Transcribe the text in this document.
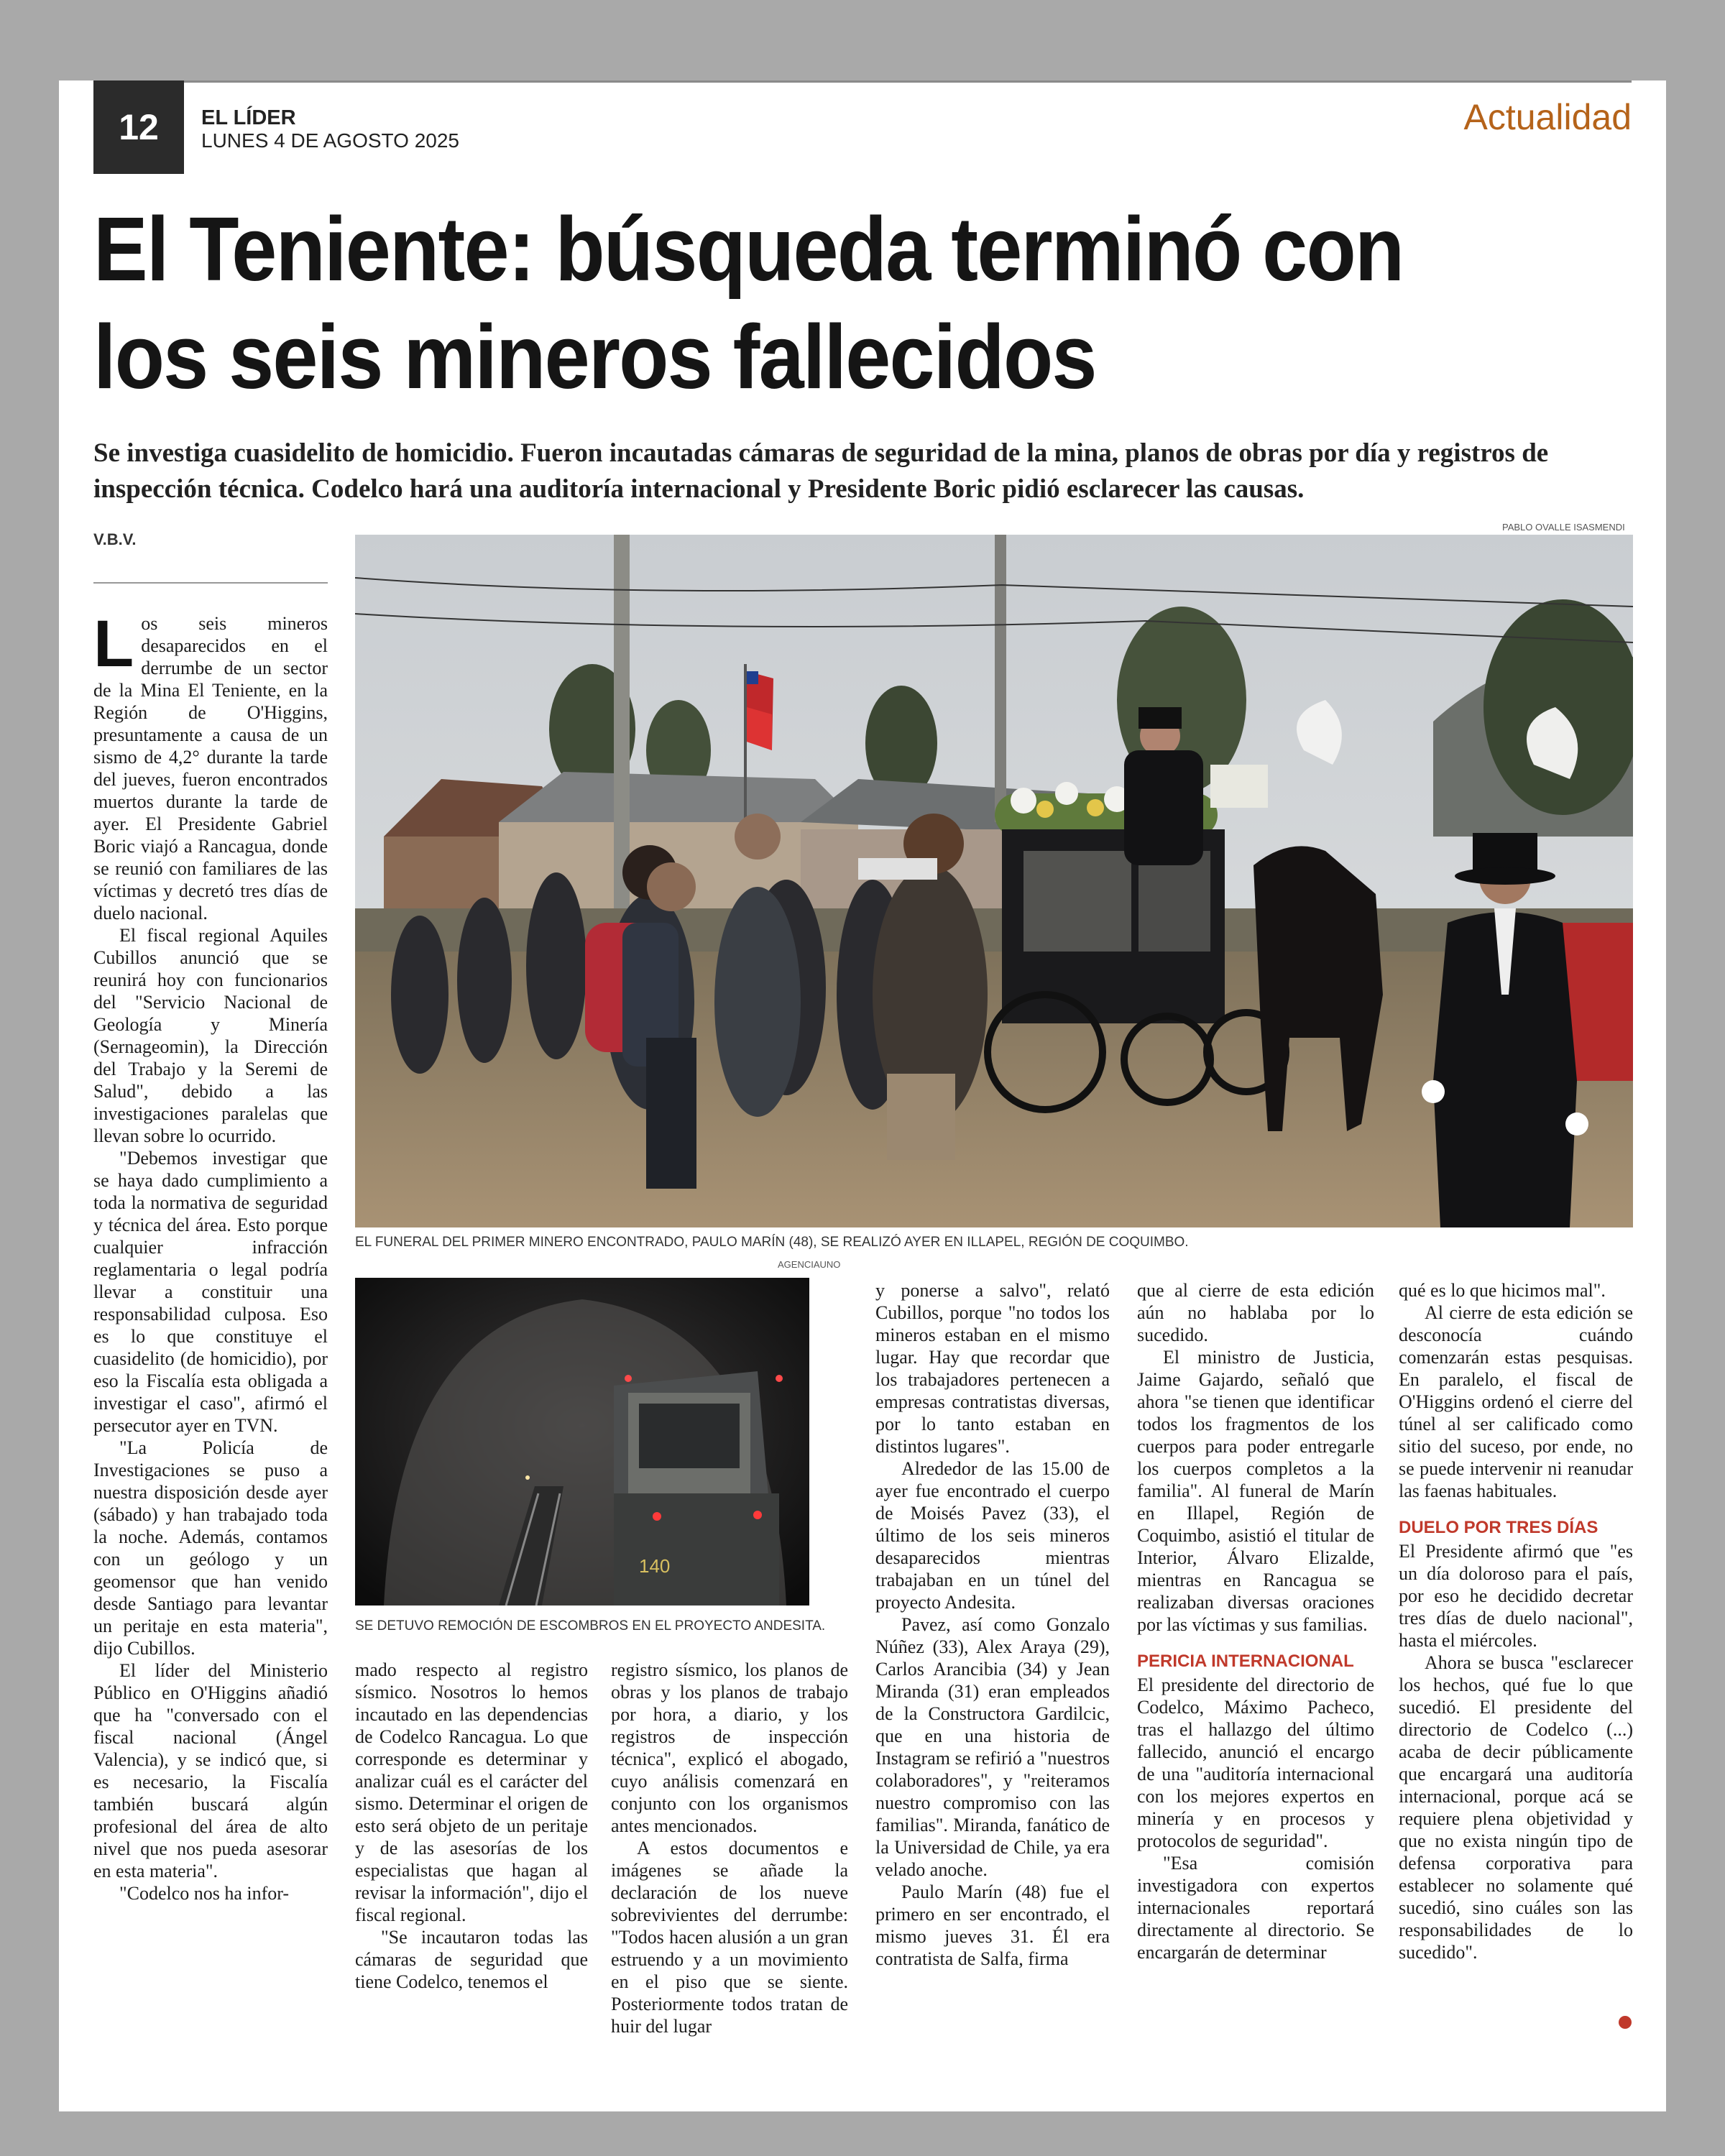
12	EL LÍDER
LUNES 4 DE AGOSTO 2025
Actualidad
El Teniente: búsqueda terminó con los seis mineros fallecidos
Se investiga cuasidelito de homicidio. Fueron incautadas cámaras de seguridad de la mina, planos de obras por día y registros de inspección técnica. Codelco hará una auditoría internacional y Presidente Boric pidió esclarecer las causas.
V.B.V.
PABLO OVALLE ISASMENDI
EL FUNERAL DEL PRIMER MINERO ENCONTRADO, PAULO MARÍN (48), SE REALIZÓ AYER EN ILLAPEL, REGIÓN DE COQUIMBO.
AGENCIAUNO
140
SE DETUVO REMOCIÓN DE ESCOMBROS EN EL PROYECTO ANDESITA.

Los seis mineros desaparecidos en el derrumbe de un sector de la Mina El Teniente, en la Región de O'Higgins, presuntamente a causa de un sismo de 4,2° durante la tarde del jueves, fueron encontrados muertos durante la tarde de ayer. El Presidente Gabriel Boric viajó a Rancagua, donde se reunió con familiares de las víctimas y decretó tres días de duelo nacional.

El fiscal regional Aquiles Cubillos anunció que se reunirá hoy con funcionarios del "Servicio Nacional de Geología y Minería (Sernageomin), la Dirección del Trabajo y la Seremi de Salud", debido a las investigaciones paralelas que llevan sobre lo ocurrido.

"Debemos investigar que se haya dado cumplimiento a toda la normativa de seguridad y técnica del área. Esto porque cualquier infracción reglamentaria o legal podría llevar a constituir una responsabilidad culposa. Eso es lo que constituye el cuasidelito (de homicidio), por eso la Fiscalía esta obligada a investigar el caso", afirmó el persecutor ayer en TVN.

"La Policía de Investigaciones se puso a nuestra disposición desde ayer (sábado) y han trabajado toda la noche. Además, contamos con un geólogo y un geomensor que han venido desde Santiago para levantar un peritaje en esta materia", dijo Cubillos.

El líder del Ministerio Público en O'Higgins añadió que ha "conversado con el fiscal nacional (Ángel Valencia), y se indicó que, si es necesario, la Fiscalía también buscará algún profesional del área de alto nivel que nos pueda asesorar en esta materia".

"Codelco nos ha infor-

mado respecto al registro sísmico. Nosotros lo hemos incautado en las dependencias de Codelco Rancagua. Lo que corresponde es determinar y analizar cuál es el carácter del sismo. Determinar el origen de esto será objeto de un peritaje y de las asesorías de los especialistas que hagan al revisar la información", dijo el fiscal regional.

"Se incautaron todas las cámaras de seguridad que tiene Codelco, tenemos el

registro sísmico, los planos de obras y los planos de trabajo por hora, a diario, y los registros de inspección técnica", explicó el abogado, cuyo análisis comenzará en conjunto con los organismos antes mencionados.

A estos documentos e imágenes se añade la declaración de los nueve sobrevivientes del derrumbe: "Todos hacen alusión a un gran estruendo y a un movimiento en el piso que se siente. Posteriormente todos tratan de huir del lugar

y ponerse a salvo", relató Cubillos, porque "no todos los mineros estaban en el mismo lugar. Hay que recordar que los trabajadores pertenecen a empresas contratistas diversas, por lo tanto estaban en distintos lugares".

Alrededor de las 15.00 de ayer fue encontrado el cuerpo de Moisés Pavez (33), el último de los seis mineros desaparecidos mientras trabajaban en un túnel del proyecto Andesita.

Pavez, así como Gonzalo Núñez (33), Alex Araya (29), Carlos Arancibia (34) y Jean Miranda (31) eran empleados de la Constructora Gardilcic, que en una historia de Instagram se refirió a "nuestros colaboradores", y "reiteramos nuestro compromiso con las familias". Miranda, fanático de la Universidad de Chile, ya era velado anoche.

Paulo Marín (48) fue el primero en ser encontrado, el mismo jueves 31. Él era contratista de Salfa, firma

que al cierre de esta edición aún no hablaba por lo sucedido.

El ministro de Justicia, Jaime Gajardo, señaló que ahora "se tienen que identificar todos los fragmentos de los cuerpos para poder entregarle los cuerpos completos a la familia". Al funeral de Marín en Illapel, Región de Coquimbo, asistió el titular de Interior, Álvaro Elizalde, mientras en Rancagua se realizaban diversas oraciones por las víctimas y sus familias.

PERICIA INTERNACIONAL

El presidente del directorio de Codelco, Máximo Pacheco, tras el hallazgo del último fallecido, anunció el encargo de una "auditoría internacional con los mejores expertos en minería y en procesos y protocolos de seguridad".

"Esa comisión investigadora con expertos internacionales reportará directamente al directorio. Se encargarán de determinar

qué es lo que hicimos mal".

Al cierre de esta edición se desconocía cuándo comenzarán estas pesquisas. En paralelo, el fiscal de O'Higgins ordenó el cierre del túnel al ser calificado como sitio del suceso, por ende, no se puede intervenir ni reanudar las faenas habituales.

DUELO POR TRES DÍAS

El Presidente afirmó que "es un día doloroso para el país, por eso he decidido decretar tres días de duelo nacional", hasta el miércoles.

Ahora se busca "esclarecer los hechos, qué fue lo que sucedió. El presidente del directorio de Codelco (...) acaba de decir públicamente que encargará una auditoría internacional, porque acá se requiere plena objetividad y que no exista ningún tipo de defensa corporativa para establecer no solamente qué sucedió, sino cuáles son las responsabilidades de lo sucedido".
